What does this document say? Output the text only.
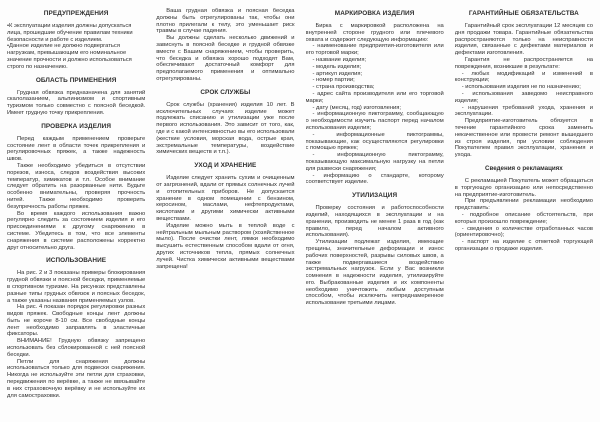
ПРЕДУПРЕЖДЕНИЯ
•К эксплуатации изделия должны допускаться лица, прошедшие обучение правилам техники безопасности и работе с изделием.
•Данное изделие не должно подвергаться нагрузкам, превышающим его номинальное значение прочности и должно использоваться строго по назначению.
ОБЛАСТЬ ПРИМЕНЕНИЯ
Грудная обвязка предназначена для занятий скалолазанием, альпинизмом и спортивным туризмом только совместно с поясной беседкой. Имеет грудную точку прикрепления.
ПРОВЕРКА ИЗДЕЛИЯ
Перед каждым применением проверьте состояние лент в области точек прикрепления и регулировочных пряжек, а также надежность швов.
Также необходимо убедиться в отсутствии порезов, износа, следов воздействия высоких температур, химикатов и т.п. Особое внимание следует обратить на разорванные нити. Будьте особенно внимательны, проверяя прочность нитей. Также необходимо проверить безупречность работы пряжек.
Во время каждого использования важно регулярно следить за состоянием изделия и его присоединениями к другому снаряжению в системе. Убедитесь в том, что все элементы снаряжения в системе расположены корректно друг относительно друга.
ИСПОЛЬЗОВАНИЕ
На рис. 2 и 3 показаны примеры блокирования грудной обвязки и поясной беседки, применяемые в спортивном туризме. На рисунках представлены разные типы грудных обвязок и поясных беседок, а также указаны названия применяемых узлов.
На рис. 4 показан порядок регулировки разных видов пряжек. Свободные концы лент должны быть не короче 8-10 см. Все свободные концы лент необходимо заправлять в эластичные фиксаторы.
ВНИМАНИЕ! Грудную обвязку запрещено использовать без сблокированной с ней поясной беседки.
Петли для снаряжения должны использоваться только для подвески снаряжения. Никогда не используйте эти петли для страховки, передвижения по верёвке, а также не ввязывайте в них страховочную верёвку и не используйте их для самостраховки.
Ваша грудная обвязка и поясная беседка должны быть отрегулированы так, чтобы они плотно прилегали к телу, это уменьшает риск травмы в случае падения.
Вы должны сделать несколько движений и зависнуть в поясной беседке и грудной обвязке вместе с Вашим снаряжением, чтобы проверить, что беседка и обвязка хорошо подходят Вам, обеспечивают достаточный комфорт для предполагаемого применения и оптимально отрегулированы.
СРОК СЛУЖБЫ
Срок службы (хранения) изделия 10 лет. В исключительных случаях изделие может подлежать списанию и утилизации уже после первого использования. Это зависит от того, как, где и с какой интенсивностью вы его использовали (жесткие условия, морская вода, острые края, экстремальные температуры, воздействие химических веществ и т.п.).
УХОД И ХРАНЕНИЕ
Изделие следует хранить сухим и очищенным от загрязнений, вдали от прямых солнечных лучей и отопительных приборов. Не допускается хранение в одном помещении с бензином, керосином, маслами, нефтепродуктами, кислотами и другими химически активными веществами.
Изделие можно мыть в теплой воде с нейтральным мыльным раствором (хозяйственное мыло). После очистки лент, лямки необходимо высушить естественным способом вдали от огня, других источников тепла, прямых солнечных лучей. Чистка химически активными веществами запрещена!
МАРКИРОВКА ИЗДЕЛИЯ
Бирка с маркировкой расположена на внутренней стороне грудного или плечевого охвата и содержит следующую информацию:
- наименование предприятия-изготовителя или его торговой марки;
- название изделия;
- модель изделия;
- артикул изделия;
- номер партии;
- страна производства;
- адрес сайта производителя или его торговой марки;
- дату (месяц, год) изготовления;
- информационную пиктограмму, сообщающую о необходимости изучить паспорт перед началом использования изделия;
- информационные пиктограммы, показывающие, как осуществляются регулировки с помощью пряжек;
- информационную пиктограмму, показывающую максимальную нагрузку на петли для развески снаряжения;
- информацию о стандарте, которому соответствует изделие.
УТИЛИЗАЦИЯ
Проверку состояния и работоспособности изделий, находящихся в эксплуатации и на хранении, производить не менее 1 раза в год (как правило, перед началом активного использования).
Утилизации подлежат изделия, имеющие трещины, значительные деформации и износ рабочих поверхностей, разрывы силовых швов, а также подвергавшиеся воздействию экстремальных нагрузок. Если у Вас возникли сомнения в надежности изделия, утилизируйте его. Выбракованные изделия и их компоненты необходимо уничтожить любым доступным способом, чтобы исключить непреднамеренное использование третьими лицами.
ГАРАНТИЙНЫЕ ОБЯЗАТЕЛЬСТВА
Гарантийный срок эксплуатации 12 месяцев со дня продажи товара. Гарантийные обязательства распространяются только на неисправности изделия, связанные с дефектами материалов и дефектами изготовления.
Гарантия не распространяется на повреждения, возникшие в результате:
- любых модификаций и изменений в конструкции;
- использования изделия не по назначению;
- использования заведомо неисправного изделия;
- нарушения требований ухода, хранения и эксплуатации.
Предприятие-изготовитель обязуется в течение гарантийного срока заменить некачественное или провести ремонт вышедшего из строя изделия, при условии соблюдения Покупателем правил эксплуатации, хранения и ухода.
Сведения о рекламациях
С рекламацией Покупатель может обращаться в торгующую организацию или непосредственно на предприятие-изготовитель.
При предъявлении рекламации необходимо представить:
- подробное описание обстоятельств, при которых произошло повреждение;
- сведения о количестве отработанных часов (ориентировочно);
- паспорт на изделие с отметкой торгующей организации о продаже изделия.
